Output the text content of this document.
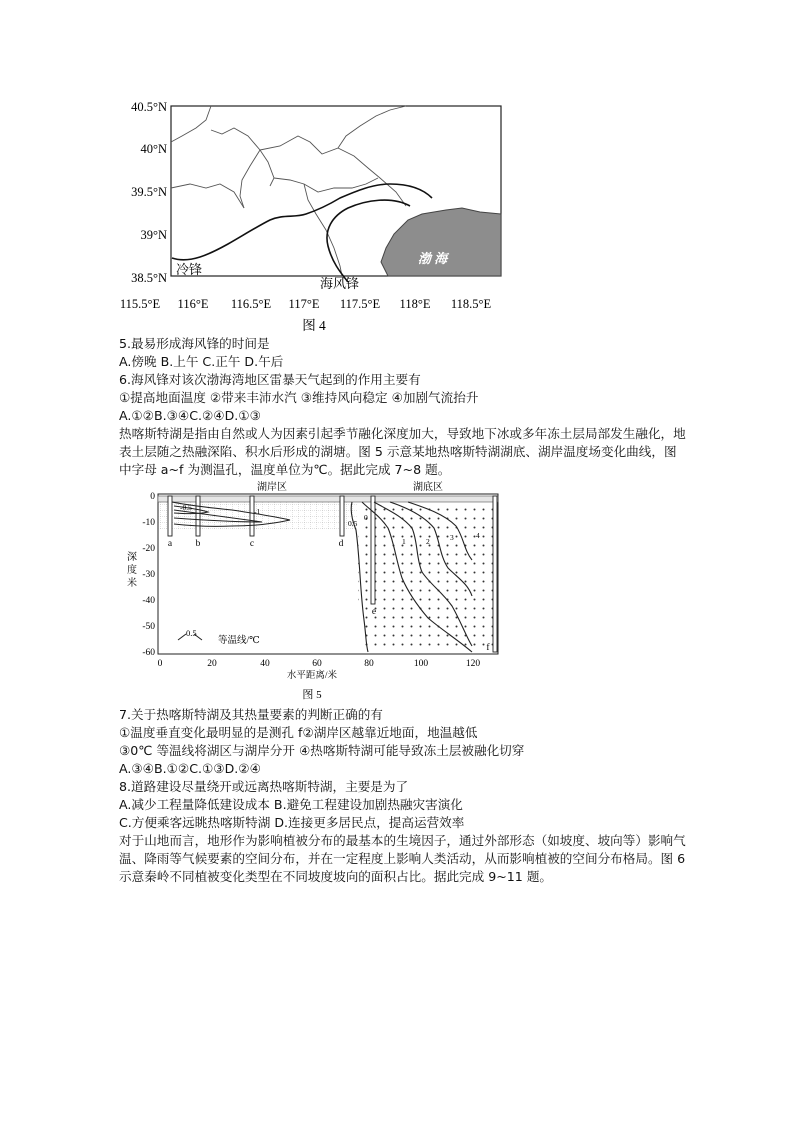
渤 海
冷锋
海风锋
40.5°N
40°N
39.5°N
39°N
38.5°N
115.5°E 116°E 116.5°E 117°E 117.5°E 118°E 118.5°E
图 4
5.最易形成海风锋的时间是
A.傍晚 B.上午 C.正午 D.午后
6.海风锋对该次渤海湾地区雷暴天气起到的作用主要有
①提高地面温度 ②带来丰沛水汽 ③维持风向稳定 ④加剧气流抬升
A.①②B.③④C.②④D.①③
热喀斯特湖是指由自然或人为因素引起季节融化深度加大，导致地下冰或多年冻土层局部发生融化，地表土层随之热融深陷、积水后形成的湖塘。图 5 示意某地热喀斯特湖湖底、湖岸温度场变化曲线，图中字母 a~f 为测温孔，温度单位为℃。据此完成 7~8 题。
湖岸区	湖底区
0
-10
-20
-30
-40
-50
-60
深
度
米
0	20	40	60	80	100	120
水平距离/米
a b	c	d
e
f
-0.5	-1
0.5
0
1	2	3	4
0.5
等温线/℃
图 5
7.关于热喀斯特湖及其热量要素的判断正确的有
①温度垂直变化最明显的是测孔 f②湖岸区越靠近地面，地温越低
③0℃ 等温线将湖区与湖岸分开 ④热喀斯特湖可能导致冻土层被融化切穿
A.③④B.①②C.①③D.②④
8.道路建设尽量绕开或远离热喀斯特湖，主要是为了
A.减少工程量降低建设成本 B.避免工程建设加剧热融灾害演化
C.方便乘客远眺热喀斯特湖 D.连接更多居民点，提高运营效率
对于山地而言，地形作为影响植被分布的最基本的生境因子，通过外部形态（如坡度、坡向等）影响气温、降雨等气候要素的空间分布，并在一定程度上影响人类活动，从而影响植被的空间分布格局。图 6 示意秦岭不同植被变化类型在不同坡度坡向的面积占比。据此完成 9~11 题。
